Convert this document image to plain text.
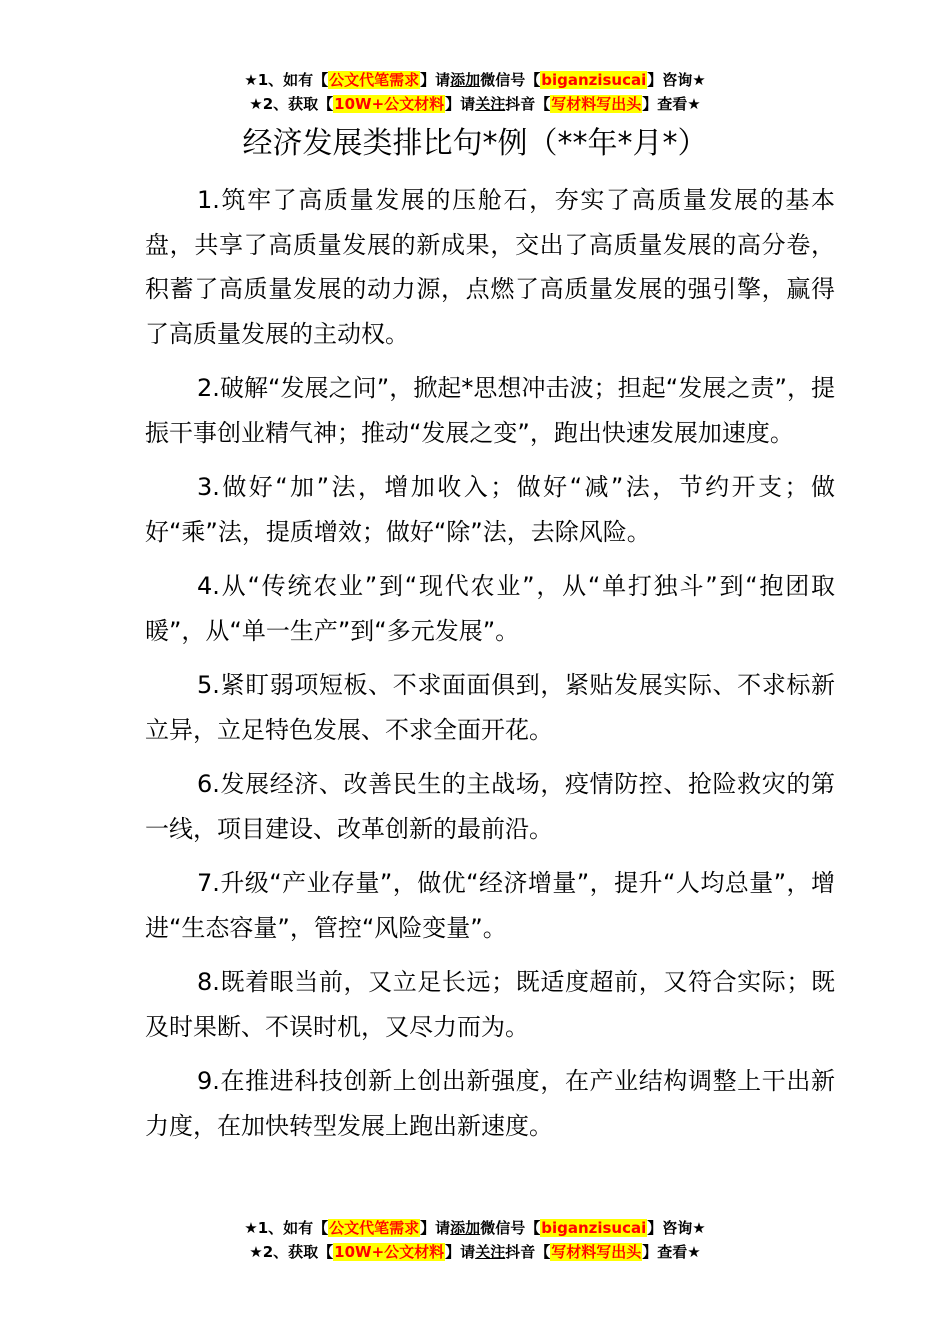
★1、如有【公文代笔需求】请添加微信号【biganzisucai】咨询★
★2、获取【10W+公文材料】请关注抖音【写材料写出头】查看★
经济发展类排比句*例（**年*月*）

1.筑牢了高质量发展的压舱石，夯实了高质量发展的基本盘，共享了高质量发展的新成果，交出了高质量发展的高分卷，积蓄了高质量发展的动力源，点燃了高质量发展的强引擎，赢得了高质量发展的主动权。

2.破解“发展之问”，掀起*思想冲击波；担起“发展之责”，提振干事创业精气神；推动“发展之变”，跑出快速发展加速度。

3.做好“加”法，增加收入；做好“减”法，节约开支；做好“乘”法，提质增效；做好“除”法，去除风险。

4.从“传统农业”到“现代农业”，从“单打独斗”到“抱团取暖”，从“单一生产”到“多元发展”。

5.紧盯弱项短板、不求面面俱到，紧贴发展实际、不求标新立异，立足特色发展、不求全面开花。

6.发展经济、改善民生的主战场，疫情防控、抢险救灾的第一线，项目建设、改革创新的最前沿。

7.升级“产业存量”，做优“经济增量”，提升“人均总量”，增进“生态容量”，管控“风险变量”。

8.既着眼当前，又立足长远；既适度超前，又符合实际；既及时果断、不误时机，又尽力而为。

9.在推进科技创新上创出新强度，在产业结构调整上干出新力度，在加快转型发展上跑出新速度。

★1、如有【公文代笔需求】请添加微信号【biganzisucai】咨询★
★2、获取【10W+公文材料】请关注抖音【写材料写出头】查看★
